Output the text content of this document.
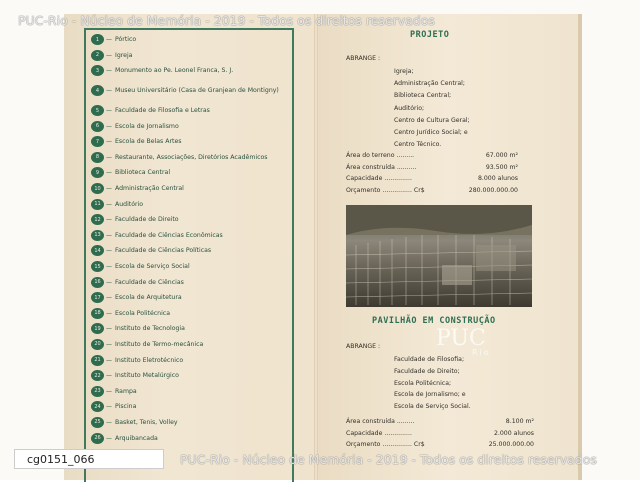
1	— Pórtico
2	— Igreja
3	— Monumento ao Pe. Leonel Franca, S. J.
4	— Museu Universitário (Casa de Granjean de Montigny)
5	— Faculdade de Filosofia e Letras
6	— Escola de Jornalismo
7	— Escola de Belas Artes
8	— Restaurante, Associações, Diretórios Acadêmicos
9	— Biblioteca Central
10 — Administração Central
11 — Auditório
12 — Faculdade de Direito
13 — Faculdade de Ciências Econômicas
14 — Faculdade de Ciências Políticas
15 — Escola de Serviço Social
16 — Faculdade de Ciências
17 — Escola de Arquitetura
18 — Escola Politécnica
19 — Instituto de Tecnologia
20 — Instituto de Termo-mecânica
21 — Instituto Eletrotécnico
22 — Instituto Metalúrgico
23 — Rampa
24 — Piscina
25 — Basket, Tenis, Volley
26 — Arquibancada
PROJETO
ABRANGE :
Igreja;
Administração Central;
Biblioteca Central;
Auditório;
Centro de Cultura Geral;
Centro Jurídico Social; e
Centro Técnico.
Área do terreno .........	67.000 m²
Área construída ..........	93.500 m²
Capacidade ..............	8.000 alunos
Orçamento ............... Cr$	280.000.000.00
PAVILHÃO EM CONSTRUÇÃO
ABRANGE :
Faculdade de Filosofia;
Faculdade de Direito;
Escola Politécnica;
Escola de Jornalismo; e
Escola de Serviço Social.
Área construída .........	8.100 m²
Capacidade ..............	2.000 alunos
Orçamento ............... Cr$	25.000.000.00
PUC-Rio - Núcleo de Memória - 2019 - Todos os direitos reservados
PUC-Rio - Núcleo de Memória - 2019 - Todos os direitos reservados
PUC
Rio
cg0151_066
